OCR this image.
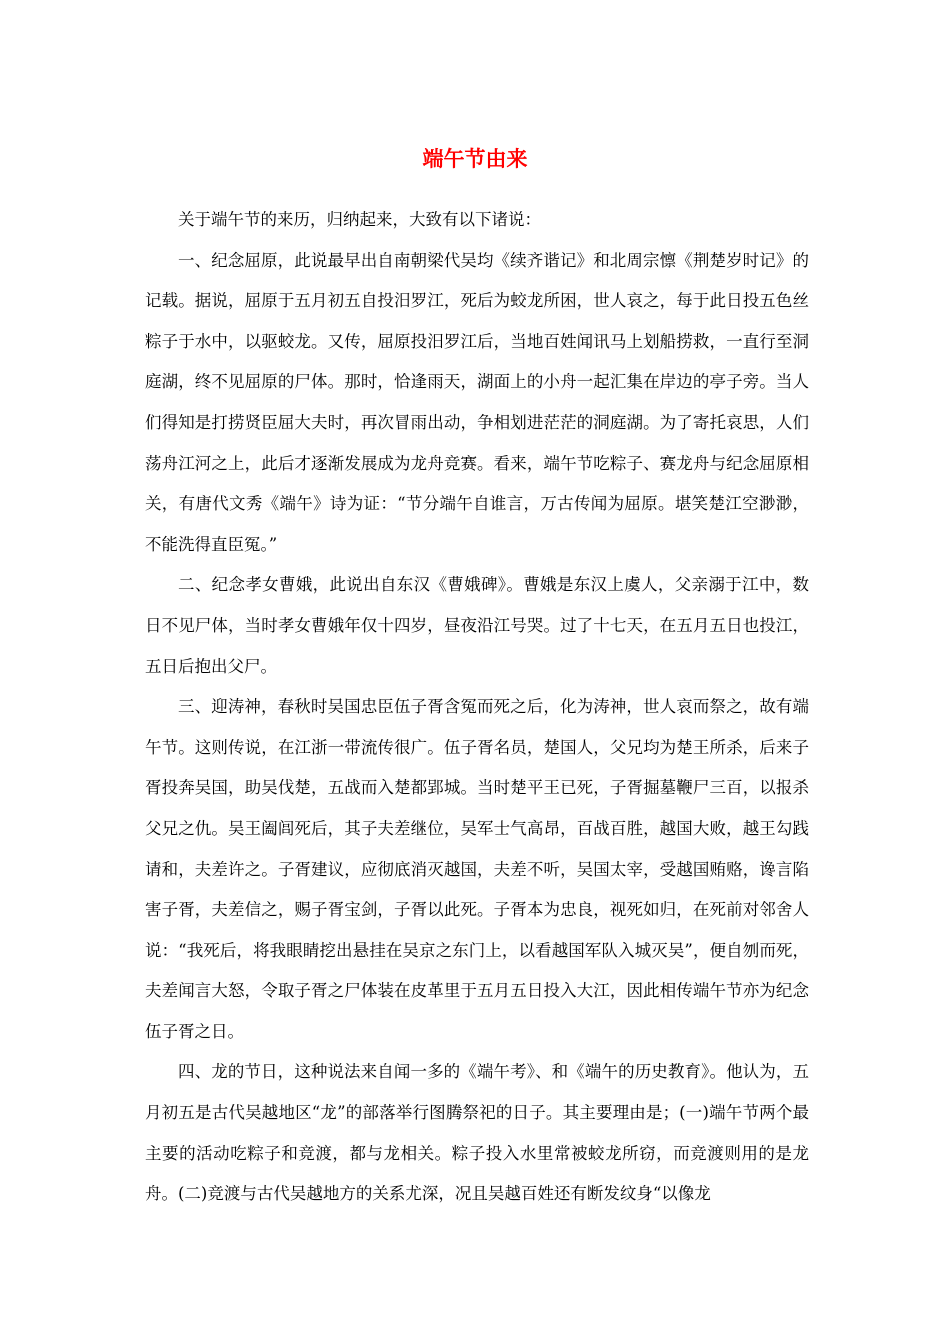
端午节由来

关于端午节的来历，归纳起来，大致有以下诸说：

一、纪念屈原，此说最早出自南朝梁代吴均《续齐谐记》和北周宗懔《荆楚岁时记》的记载。据说，屈原于五月初五自投汨罗江，死后为蛟龙所困，世人哀之，每于此日投五色丝粽子于水中，以驱蛟龙。又传，屈原投汨罗江后，当地百姓闻讯马上划船捞救，一直行至洞庭湖，终不见屈原的尸体。那时，恰逢雨天，湖面上的小舟一起汇集在岸边的亭子旁。当人们得知是打捞贤臣屈大夫时，再次冒雨出动，争相划进茫茫的洞庭湖。为了寄托哀思，人们荡舟江河之上，此后才逐渐发展成为龙舟竞赛。看来，端午节吃粽子、赛龙舟与纪念屈原相关，有唐代文秀《端午》诗为证：“节分端午自谁言，万古传闻为屈原。堪笑楚江空渺渺，不能洗得直臣冤。”

二、纪念孝女曹娥，此说出自东汉《曹娥碑》。曹娥是东汉上虞人，父亲溺于江中，数日不见尸体，当时孝女曹娥年仅十四岁，昼夜沿江号哭。过了十七天，在五月五日也投江，五日后抱出父尸。

三、迎涛神，春秋时吴国忠臣伍子胥含冤而死之后，化为涛神，世人哀而祭之，故有端午节。这则传说，在江浙一带流传很广。伍子胥名员，楚国人，父兄均为楚王所杀，后来子胥投奔吴国，助吴伐楚，五战而入楚都郢城。当时楚平王已死，子胥掘墓鞭尸三百，以报杀父兄之仇。吴王阖闾死后，其子夫差继位，吴军士气高昂，百战百胜，越国大败，越王勾践请和，夫差许之。子胥建议，应彻底消灭越国，夫差不听，吴国太宰，受越国贿赂，谗言陷害子胥，夫差信之，赐子胥宝剑，子胥以此死。子胥本为忠良，视死如归，在死前对邻舍人说：“我死后，将我眼睛挖出悬挂在吴京之东门上，以看越国军队入城灭吴”，便自刎而死，夫差闻言大怒，令取子胥之尸体装在皮革里于五月五日投入大江，因此相传端午节亦为纪念伍子胥之日。

四、龙的节日，这种说法来自闻一多的《端午考》、和《端午的历史教育》。他认为，五月初五是古代吴越地区“龙”的部落举行图腾祭祀的日子。其主要理由是；(一)端午节两个最主要的活动吃粽子和竞渡，都与龙相关。粽子投入水里常被蛟龙所窃，而竞渡则用的是龙舟。(二)竞渡与古代吴越地方的关系尤深，况且吴越百姓还有断发纹身“以像龙
